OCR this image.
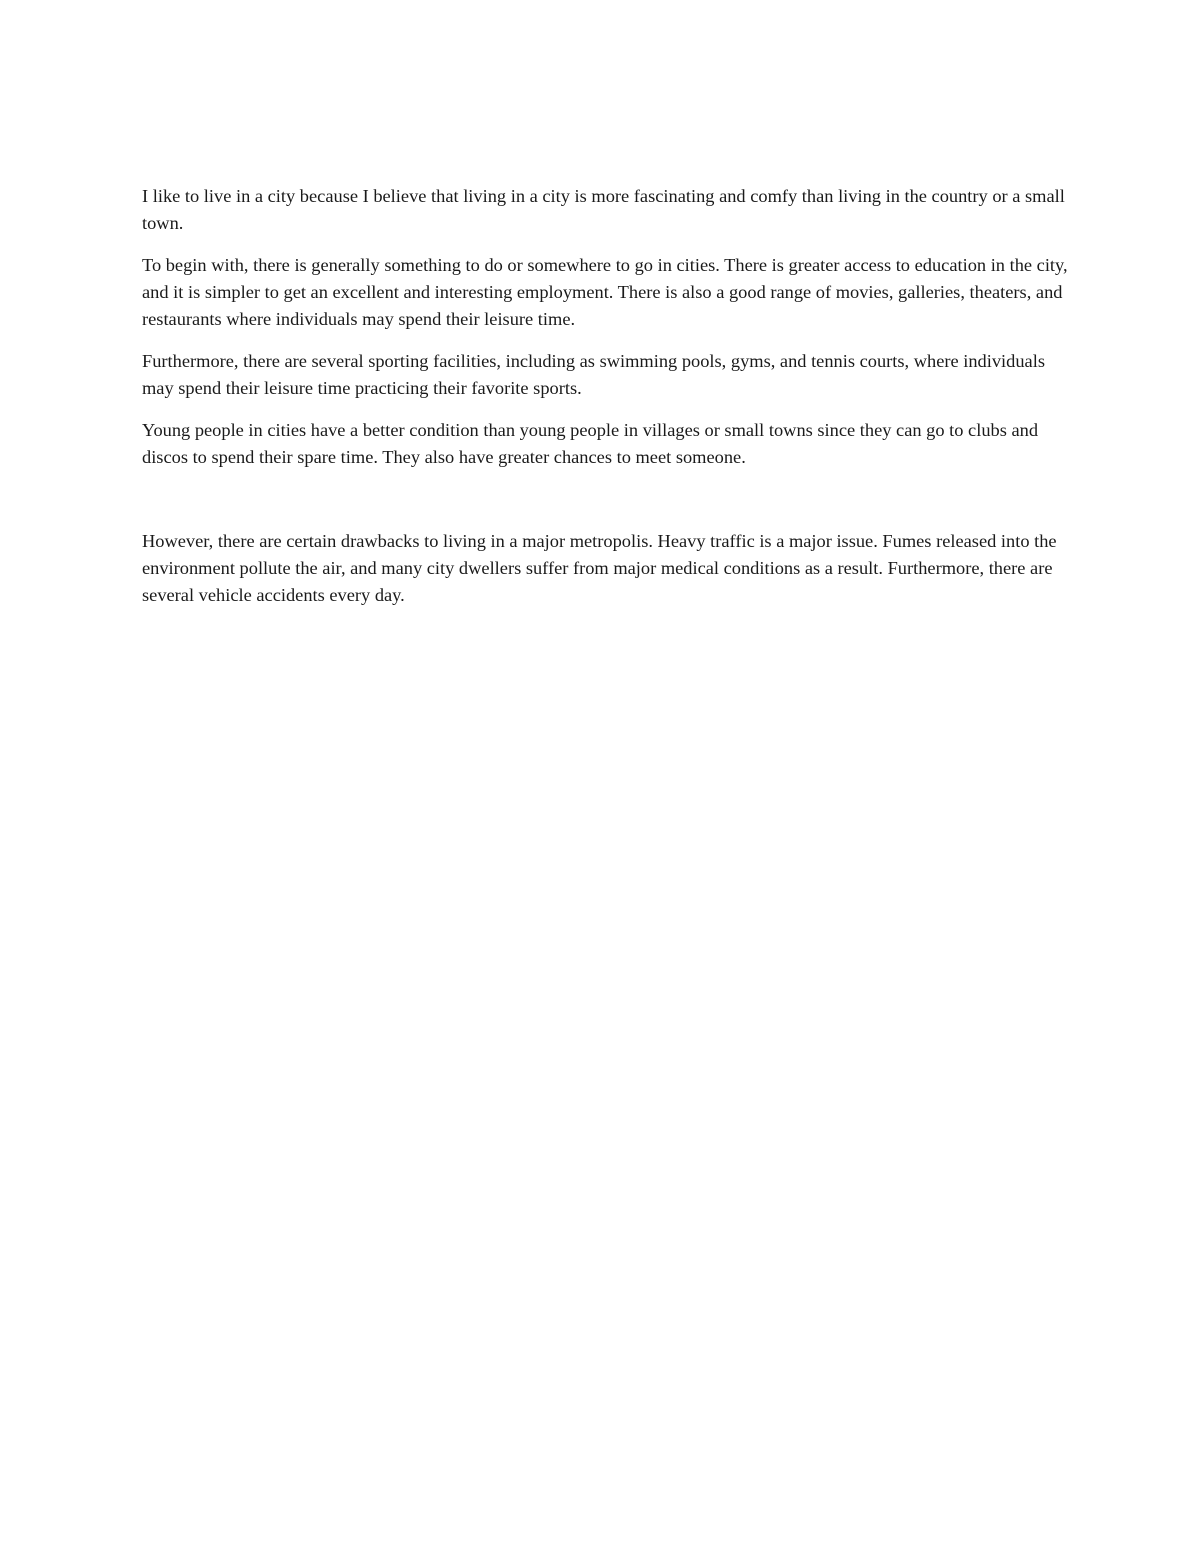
I like to live in a city because I believe that living in a city is more fascinating and comfy than living in the country or a small town.

To begin with, there is generally something to do or somewhere to go in cities. There is greater access to education in the city, and it is simpler to get an excellent and interesting employment. There is also a good range of movies, galleries, theaters, and restaurants where individuals may spend their leisure time.

Furthermore, there are several sporting facilities, including as swimming pools, gyms, and tennis courts, where individuals may spend their leisure time practicing their favorite sports.

Young people in cities have a better condition than young people in villages or small towns since they can go to clubs and discos to spend their spare time. They also have greater chances to meet someone.

However, there are certain drawbacks to living in a major metropolis. Heavy traffic is a major issue. Fumes released into the environment pollute the air, and many city dwellers suffer from major medical conditions as a result. Furthermore, there are several vehicle accidents every day.
